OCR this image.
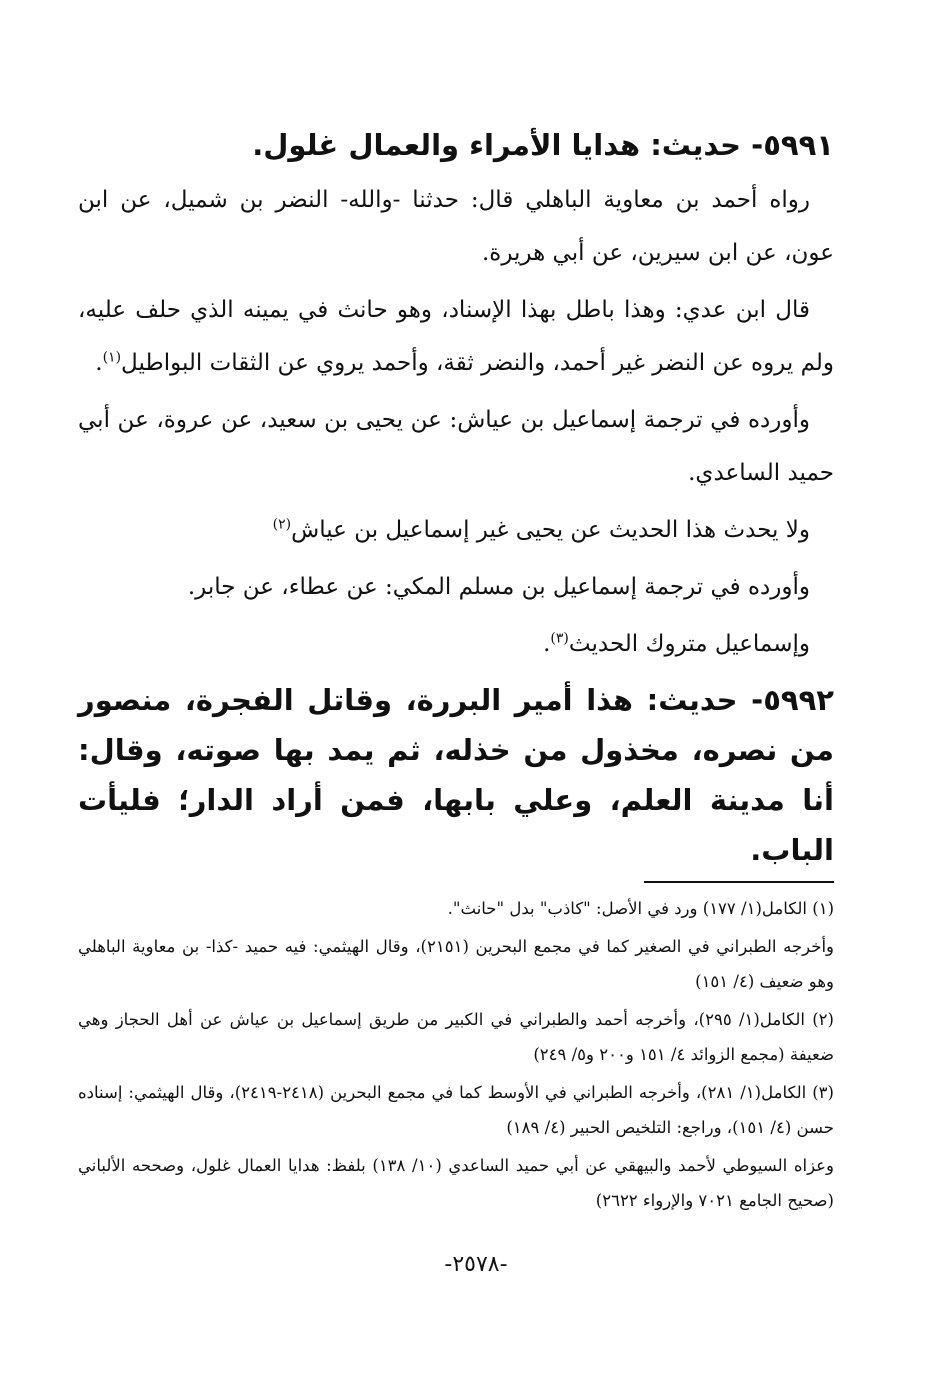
٥٩٩١- حديث: هدايا الأمراء والعمال غلول.

رواه أحمد بن معاوية الباهلي قال: حدثنا -والله- النضر بن شميل، عن ابن عون، عن ابن سيرين، عن أبي هريرة.

قال ابن عدي: وهذا باطل بهذا الإسناد، وهو حانث في يمينه الذي حلف عليه، ولم يروه عن النضر غير أحمد، والنضر ثقة، وأحمد يروي عن الثقات البواطيل$^{(١)}$.

وأورده في ترجمة إسماعيل بن عياش: عن يحيى بن سعيد، عن عروة، عن أبي حميد الساعدي.

ولا يحدث هذا الحديث عن يحيى غير إسماعيل بن عياش$^{(٢)}$

وأورده في ترجمة إسماعيل بن مسلم المكي: عن عطاء، عن جابر.

وإسماعيل متروك الحديث$^{(٣)}$.

٥٩٩٢- حديث: هذا أمير البررة، وقاتل الفجرة، منصور من نصره، مخذول من خذله، ثم يمد بها صوته، وقال: أنا مدينة العلم، وعلي بابها، فمن أراد الدار؛ فليأت الباب.

(١) الكامل(١/ ١٧٧) ورد في الأصل: "كاذب" بدل "حانث".

وأخرجه الطبراني في الصغير كما في مجمع البحرين (٢١٥١)، وقال الهيثمي: فيه حميد -كذا- بن معاوية الباهلي وهو ضعيف (٤/ ١٥١)

(٢) الكامل(١/ ٢٩٥)، وأخرجه أحمد والطبراني في الكبير من طريق إسماعيل بن عياش عن أهل الحجاز وهي ضعيفة (مجمع الزوائد ٤/ ١٥١ و٢٠٠ و٥/ ٢٤٩)

(٣) الكامل(١/ ٢٨١)، وأخرجه الطبراني في الأوسط كما في مجمع البحرين (٢٤١٨-٢٤١٩)، وقال الهيثمي: إسناده حسن (٤/ ١٥١)، وراجع: التلخيص الحبير (٤/ ١٨٩)

وعزاه السيوطي لأحمد والبيهقي عن أبي حميد الساعدي (١٠/ ١٣٨) بلفظ: هدايا العمال غلول، وصححه الألباني (صحيح الجامع ٧٠٢١ والإرواء ٢٦٢٢)

-٢٥٧٨-
